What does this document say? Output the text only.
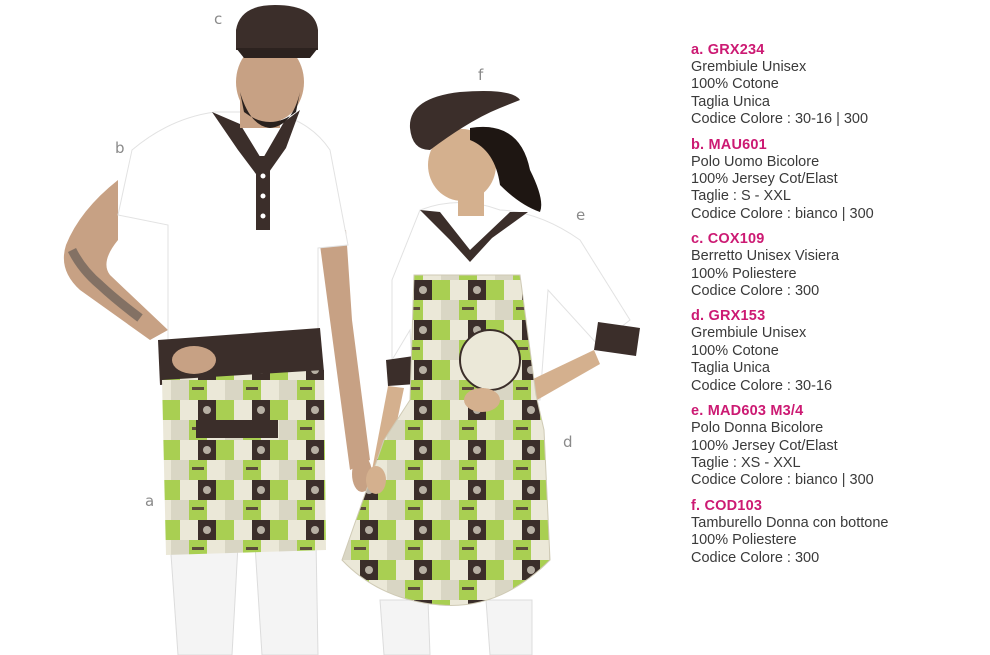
a
b
c
d
e
f
a. GRX234
Grembiule Unisex
100% Cotone
Taglia Unica
Codice Colore : 30-16 | 300
b. MAU601
Polo Uomo Bicolore
100% Jersey Cot/Elast
Taglie : S - XXL
Codice Colore : bianco | 300
c. COX109
Berretto Unisex Visiera
100% Poliestere
Codice Colore : 300
d. GRX153
Grembiule Unisex
100% Cotone
Taglia Unica
Codice Colore : 30-16
e. MAD603 M3/4
Polo Donna Bicolore
100% Jersey Cot/Elast
Taglie : XS - XXL
Codice Colore : bianco | 300
f. COD103
Tamburello Donna con bottone
100% Poliestere
Codice Colore : 300
